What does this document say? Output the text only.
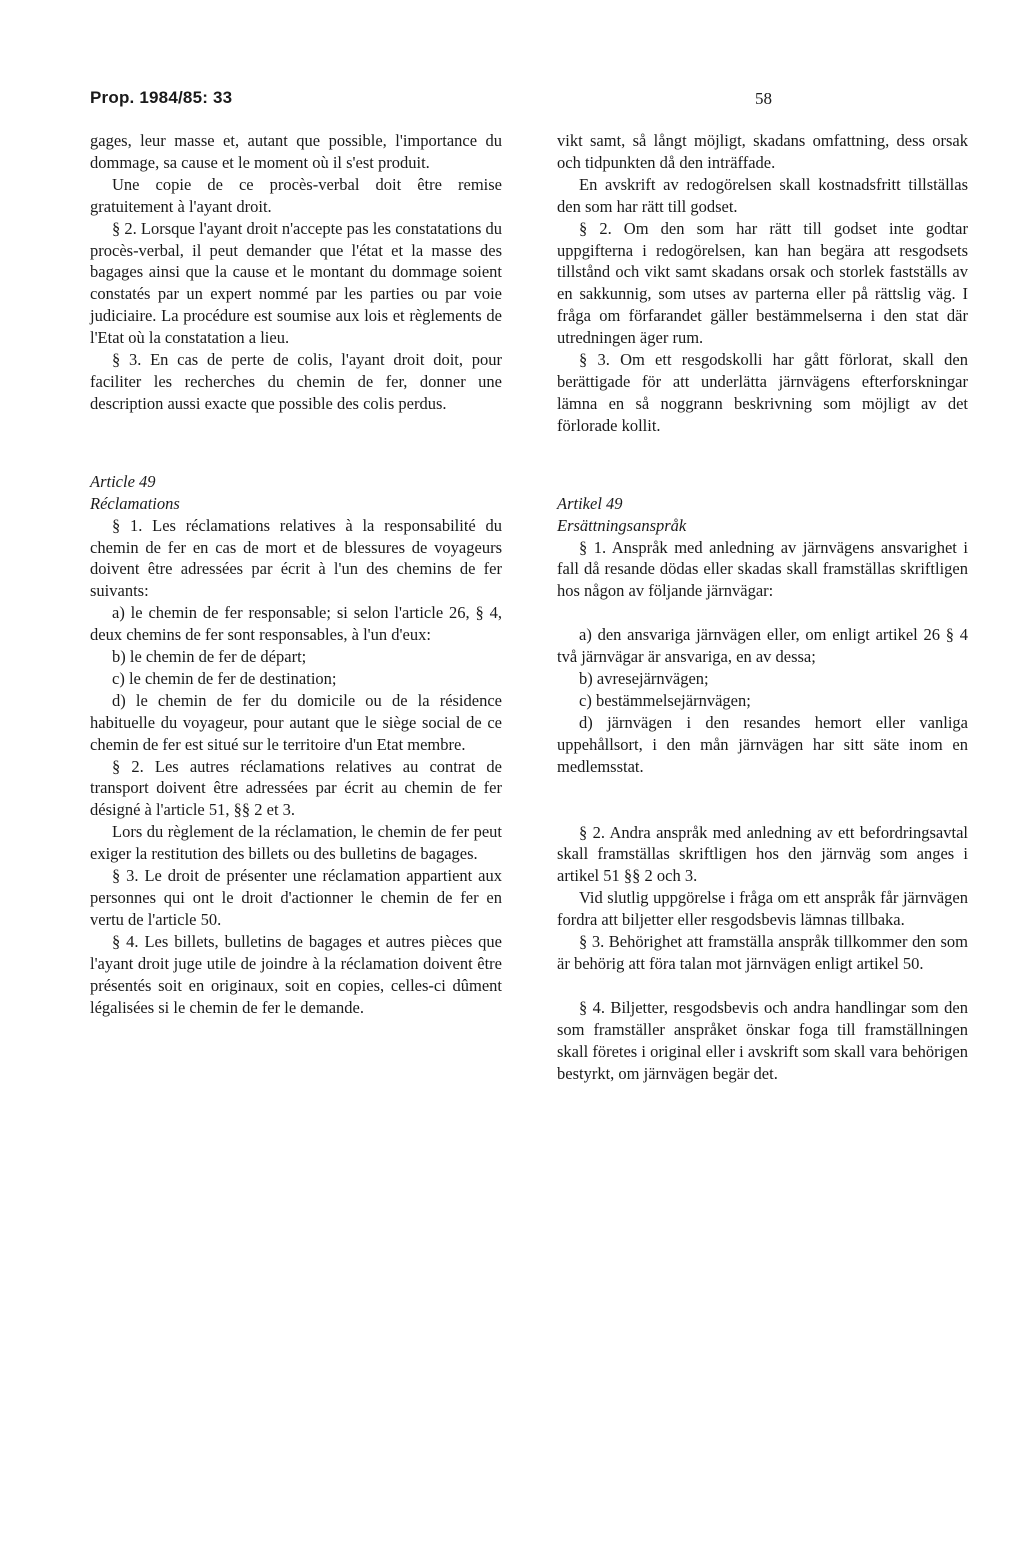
Prop. 1984/85: 33	58

gages, leur masse et, autant que possible, l'importance du dommage, sa cause et le moment où il s'est produit.

Une copie de ce procès-verbal doit être remise gratuitement à l'ayant droit.

§ 2. Lorsque l'ayant droit n'accepte pas les constatations du procès-verbal, il peut demander que l'état et la masse des bagages ainsi que la cause et le montant du dommage soient constatés par un expert nommé par les parties ou par voie judiciaire. La procédure est soumise aux lois et règlements de l'Etat où la constatation a lieu.

§ 3. En cas de perte de colis, l'ayant droit doit, pour faciliter les recherches du chemin de fer, donner une description aussi exacte que possible des colis perdus.

Article 49

Réclamations

§ 1. Les réclamations relatives à la responsabilité du chemin de fer en cas de mort et de blessures de voyageurs doivent être adressées par écrit à l'un des chemins de fer suivants:

a) le chemin de fer responsable; si selon l'article 26, § 4, deux chemins de fer sont responsables, à l'un d'eux:

b) le chemin de fer de départ;

c) le chemin de fer de destination;

d) le chemin de fer du domicile ou de la résidence habituelle du voyageur, pour autant que le siège social de ce chemin de fer est situé sur le territoire d'un Etat membre.

§ 2. Les autres réclamations relatives au contrat de transport doivent être adressées par écrit au chemin de fer désigné à l'article 51, §§ 2 et 3.

Lors du règlement de la réclamation, le chemin de fer peut exiger la restitution des billets ou des bulletins de bagages.

§ 3. Le droit de présenter une réclamation appartient aux personnes qui ont le droit d'actionner le chemin de fer en vertu de l'article 50.

§ 4. Les billets, bulletins de bagages et autres pièces que l'ayant droit juge utile de joindre à la réclamation doivent être présentés soit en originaux, soit en copies, celles-ci dûment légalisées si le chemin de fer le demande.

vikt samt, så långt möjligt, skadans omfattning, dess orsak och tidpunkten då den inträffade.

En avskrift av redogörelsen skall kostnadsfritt tillställas den som har rätt till godset.

§ 2. Om den som har rätt till godset inte godtar uppgifterna i redogörelsen, kan han begära att resgodsets tillstånd och vikt samt skadans orsak och storlek fastställs av en sakkunnig, som utses av parterna eller på rättslig väg. I fråga om förfarandet gäller bestämmelserna i den stat där utredningen äger rum.

§ 3. Om ett resgodskolli har gått förlorat, skall den berättigade för att underlätta järnvägens efterforskningar lämna en så noggrann beskrivning som möjligt av det förlorade kollit.

Artikel 49

Ersättningsanspråk

§ 1. Anspråk med anledning av järnvägens ansvarighet i fall då resande dödas eller skadas skall framställas skriftligen hos någon av följande järnvägar:

a) den ansvariga järnvägen eller, om enligt artikel 26 § 4 två järnvägar är ansvariga, en av dessa;

b) avresejärnvägen;

c) bestämmelsejärnvägen;

d) järnvägen i den resandes hemort eller vanliga uppehållsort, i den mån järnvägen har sitt säte inom en medlemsstat.

§ 2. Andra anspråk med anledning av ett befordringsavtal skall framställas skriftligen hos den järnväg som anges i artikel 51 §§ 2 och 3.

Vid slutlig uppgörelse i fråga om ett anspråk får järnvägen fordra att biljetter eller resgodsbevis lämnas tillbaka.

§ 3. Behörighet att framställa anspråk tillkommer den som är behörig att föra talan mot järnvägen enligt artikel 50.

§ 4. Biljetter, resgodsbevis och andra handlingar som den som framställer anspråket önskar foga till framställningen skall företes i original eller i avskrift som skall vara behörigen bestyrkt, om järnvägen begär det.
